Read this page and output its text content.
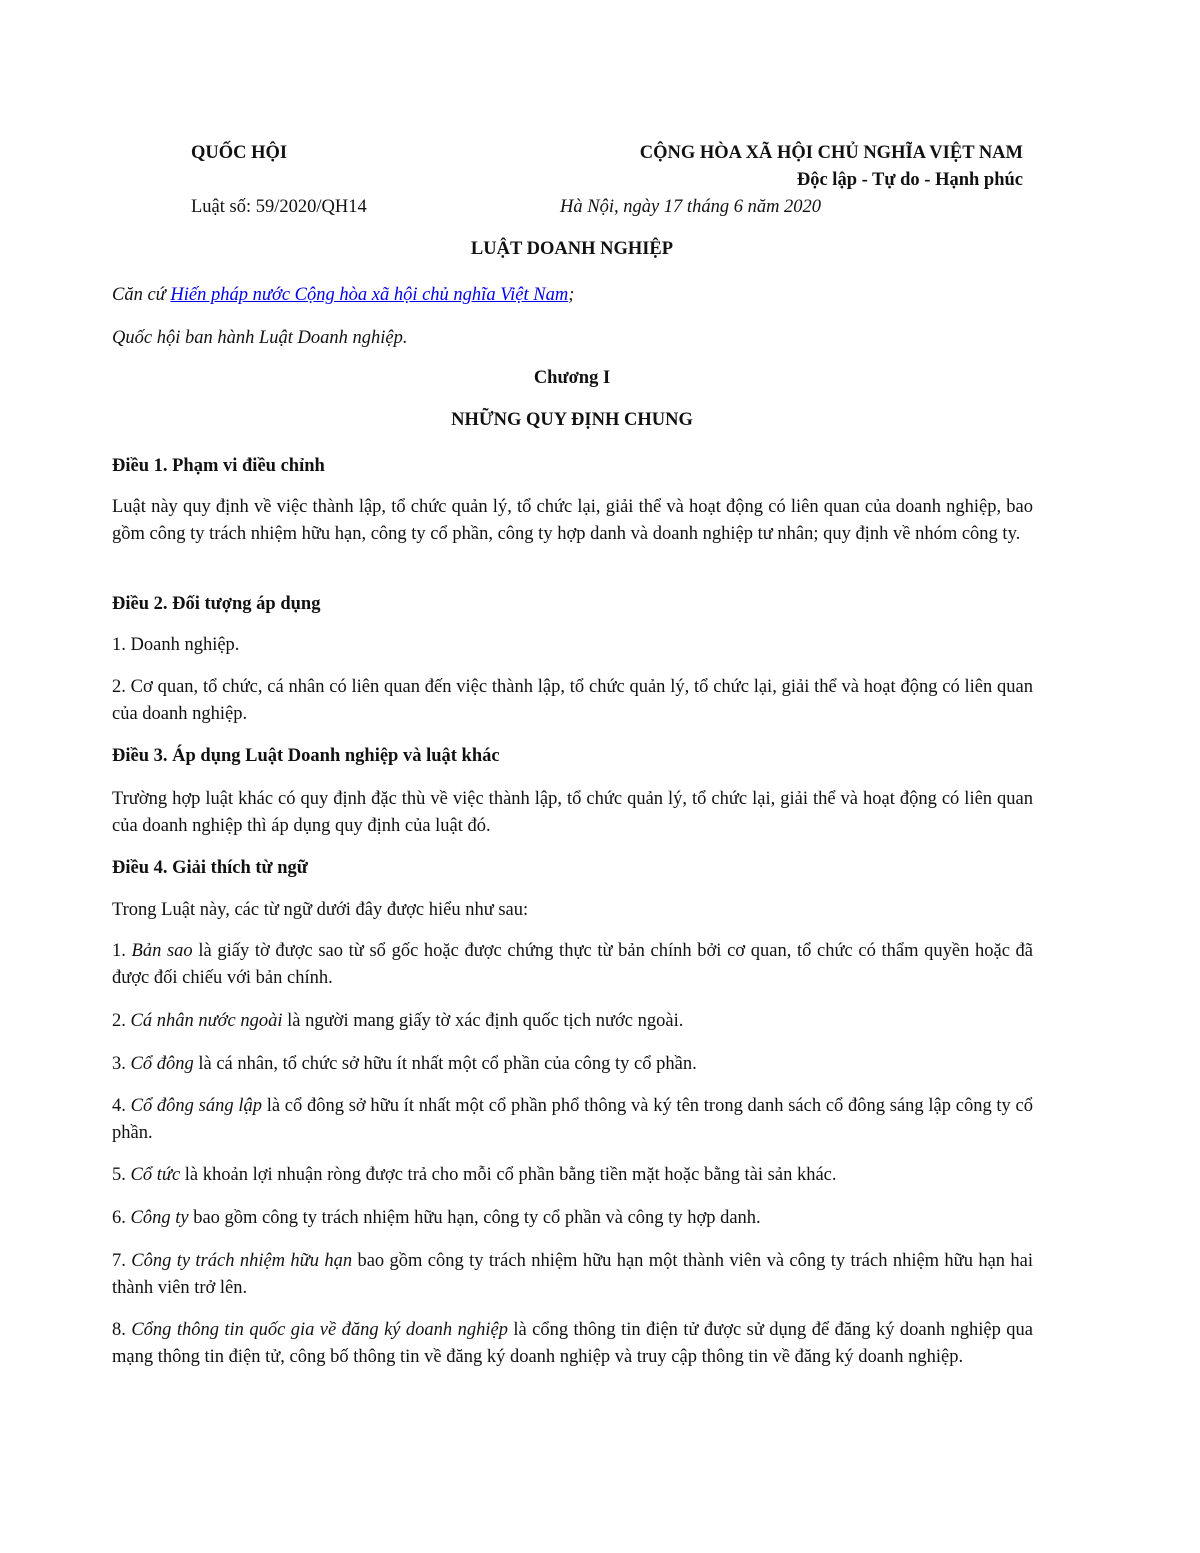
QUỐC HỘI
Luật số: 59/2020/QH14
CỘNG HÒA XÃ HỘI CHỦ NGHĨA VIỆT NAM
Độc lập - Tự do - Hạnh phúc
Hà Nội, ngày 17 tháng 6 năm 2020
LUẬT DOANH NGHIỆP
Căn cứ Hiến pháp nước Cộng hòa xã hội chủ nghĩa Việt Nam;
Quốc hội ban hành Luật Doanh nghiệp.
Chương I
NHỮNG QUY ĐỊNH CHUNG
Điều 1. Phạm vi điều chỉnh
Luật này quy định về việc thành lập, tổ chức quản lý, tổ chức lại, giải thể và hoạt động có liên quan của doanh nghiệp, bao gồm công ty trách nhiệm hữu hạn, công ty cổ phần, công ty hợp danh và doanh nghiệp tư nhân; quy định về nhóm công ty.
Điều 2. Đối tượng áp dụng
1. Doanh nghiệp.
2. Cơ quan, tổ chức, cá nhân có liên quan đến việc thành lập, tổ chức quản lý, tổ chức lại, giải thể và hoạt động có liên quan của doanh nghiệp.
Điều 3. Áp dụng Luật Doanh nghiệp và luật khác
Trường hợp luật khác có quy định đặc thù về việc thành lập, tổ chức quản lý, tổ chức lại, giải thể và hoạt động có liên quan của doanh nghiệp thì áp dụng quy định của luật đó.
Điều 4. Giải thích từ ngữ
Trong Luật này, các từ ngữ dưới đây được hiểu như sau:
1. Bản sao là giấy tờ được sao từ sổ gốc hoặc được chứng thực từ bản chính bởi cơ quan, tổ chức có thẩm quyền hoặc đã được đối chiếu với bản chính.
2. Cá nhân nước ngoài là người mang giấy tờ xác định quốc tịch nước ngoài.
3. Cổ đông là cá nhân, tổ chức sở hữu ít nhất một cổ phần của công ty cổ phần.
4. Cổ đông sáng lập là cổ đông sở hữu ít nhất một cổ phần phổ thông và ký tên trong danh sách cổ đông sáng lập công ty cổ phần.
5. Cổ tức là khoản lợi nhuận ròng được trả cho mỗi cổ phần bằng tiền mặt hoặc bằng tài sản khác.
6. Công ty bao gồm công ty trách nhiệm hữu hạn, công ty cổ phần và công ty hợp danh.
7. Công ty trách nhiệm hữu hạn bao gồm công ty trách nhiệm hữu hạn một thành viên và công ty trách nhiệm hữu hạn hai thành viên trở lên.
8. Cổng thông tin quốc gia về đăng ký doanh nghiệp là cổng thông tin điện tử được sử dụng để đăng ký doanh nghiệp qua mạng thông tin điện tử, công bố thông tin về đăng ký doanh nghiệp và truy cập thông tin về đăng ký doanh nghiệp.
